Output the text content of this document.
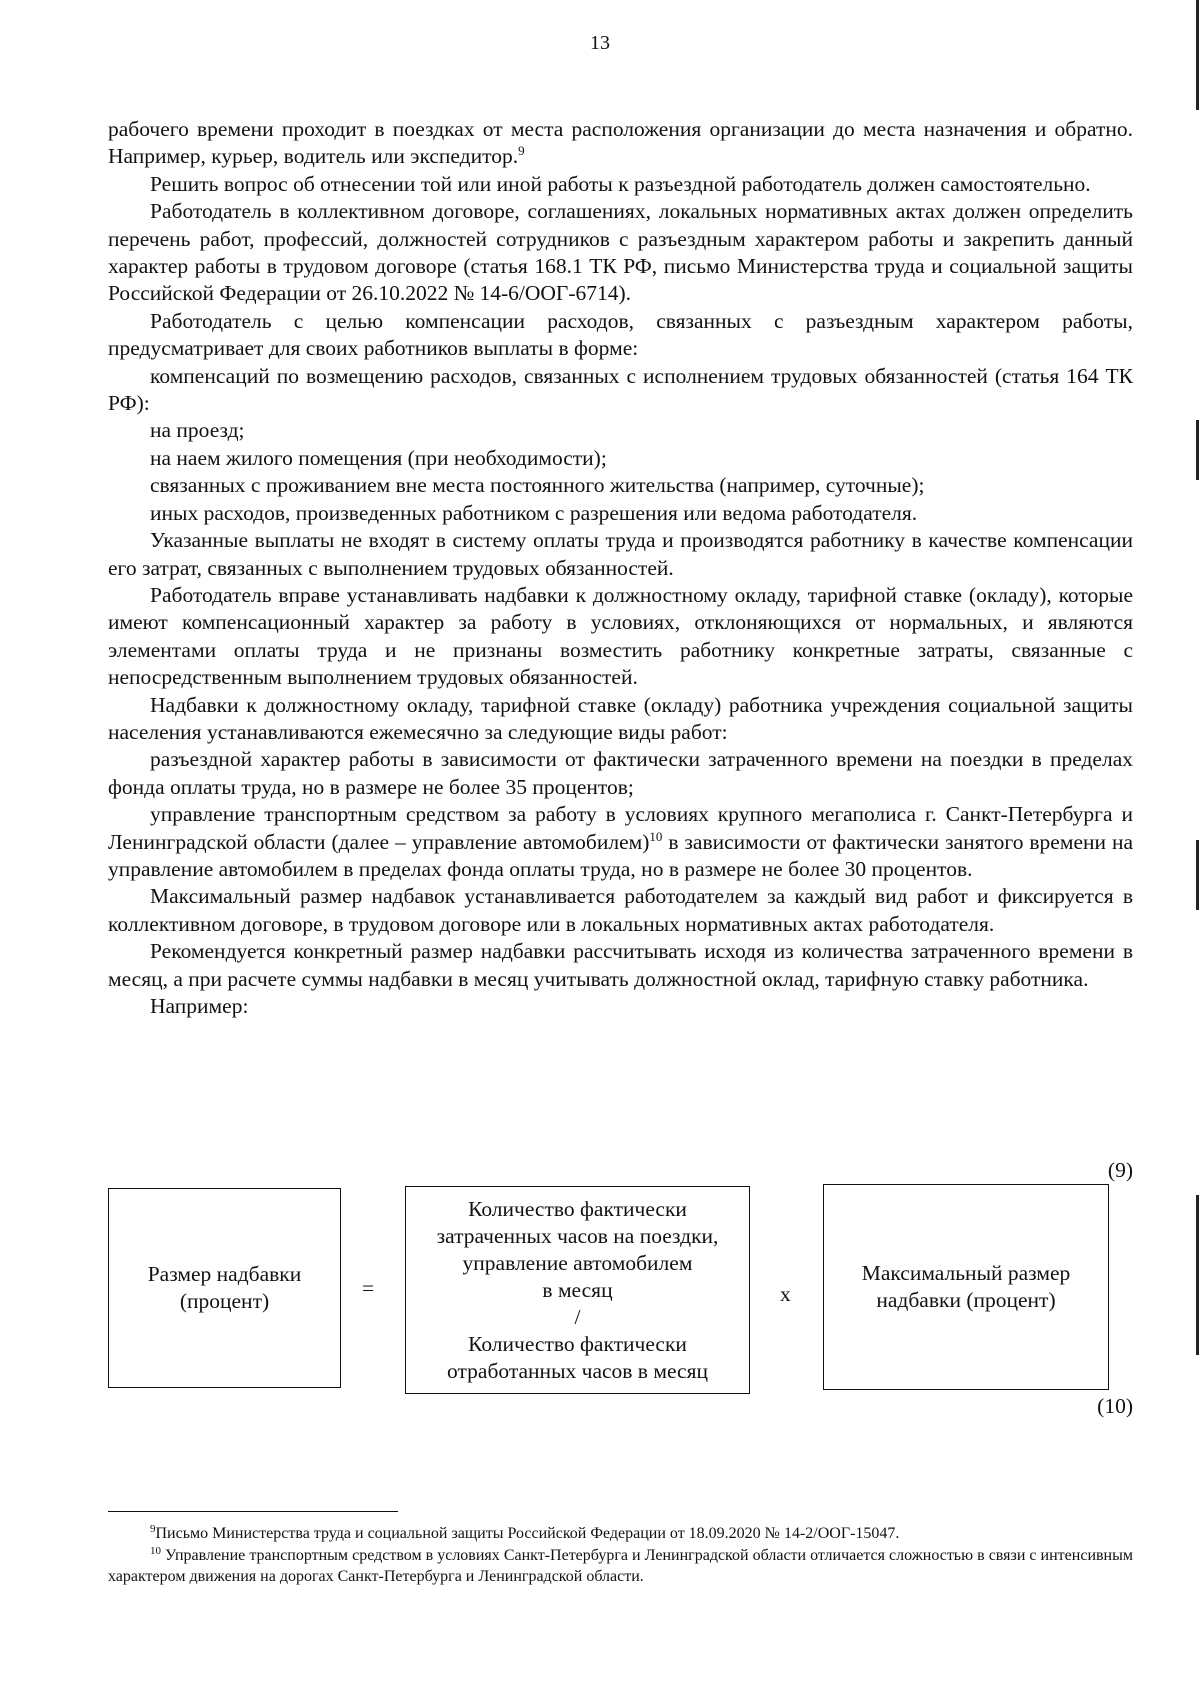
13

рабочего времени проходит в поездках от места расположения организации до места назначения и обратно. Например, курьер, водитель или экспедитор.$^9$

Решить вопрос об отнесении той или иной работы к разъездной работодатель должен самостоятельно.

Работодатель в коллективном договоре, соглашениях, локальных нормативных актах должен определить перечень работ, профессий, должностей сотрудников с разъездным характером работы и закрепить данный характер работы в трудовом договоре (статья 168.1 ТК РФ, письмо Министерства труда и социальной защиты Российской Федерации от 26.10.2022 № 14-6/ООГ-6714).

Работодатель с целью компенсации расходов, связанных с разъездным характером работы, предусматривает для своих работников выплаты в форме:

компенсаций по возмещению расходов, связанных с исполнением трудовых обязанностей (статья 164 ТК РФ):

на проезд;

на наем жилого помещения (при необходимости);

связанных с проживанием вне места постоянного жительства (например, суточные);

иных расходов, произведенных работником с разрешения или ведома работодателя.

Указанные выплаты не входят в систему оплаты труда и производятся работнику в качестве компенсации его затрат, связанных с выполнением трудовых обязанностей.

Работодатель вправе устанавливать надбавки к должностному окладу, тарифной ставке (окладу), которые имеют компенсационный характер за работу в условиях, отклоняющихся от нормальных, и являются элементами оплаты труда и не признаны возместить работнику конкретные затраты, связанные с непосредственным выполнением трудовых обязанностей.

Надбавки к должностному окладу, тарифной ставке (окладу) работника учреждения социальной защиты населения устанавливаются ежемесячно за следующие виды работ:

разъездной характер работы в зависимости от фактически затраченного времени на поездки в пределах фонда оплаты труда, но в размере не более 35 процентов;

управление транспортным средством за работу в условиях крупного мегаполиса г. Санкт-Петербурга и Ленинградской области (далее – управление автомобилем)$^{10}$ в зависимости от фактически занятого времени на управление автомобилем в пределах фонда оплаты труда, но в размере не более 30 процентов.

Максимальный размер надбавок устанавливается работодателем за каждый вид работ и фиксируется в коллективном договоре, в трудовом договоре или в локальных нормативных актах работодателя.

Рекомендуется конкретный размер надбавки рассчитывать исходя из количества затраченного времени в месяц, а при расчете суммы надбавки в месяц учитывать должностной оклад, тарифную ставку работника.

Например:

(9)
Размер надбавки
(процент)
=
Количество фактически
затраченных часов на поездки,
управление автомобилем
в месяц
/
Количество фактически
отработанных часов в месяц
х
Максимальный размер
надбавки (процент)
(10)

$^9$Письмо Министерства труда и социальной защиты Российской Федерации от 18.09.2020 № 14-2/ООГ-15047.

$^{10}$ Управление транспортным средством в условиях Санкт-Петербурга и Ленинградской области отличается сложностью в связи с интенсивным характером движения на дорогах Санкт-Петербурга и Ленинградской области.
